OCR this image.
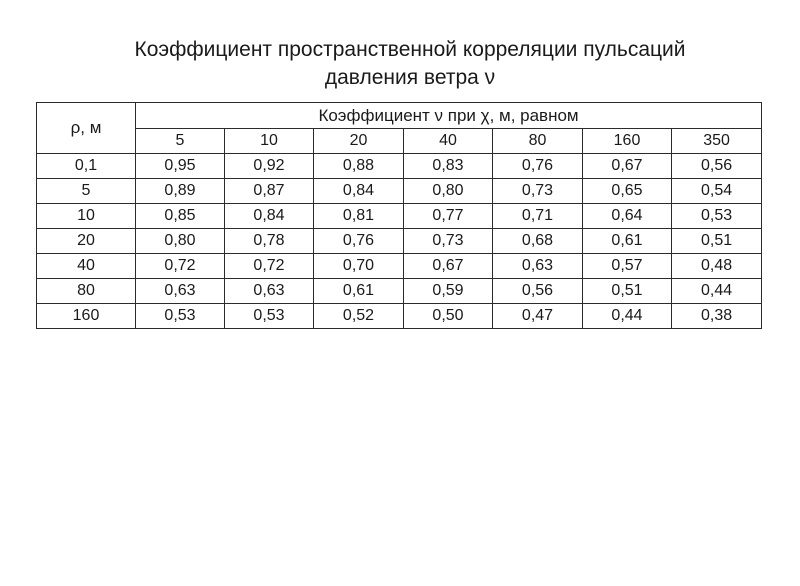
Коэффициент пространственной корреляции пульсаций
давления ветра ν
ρ, м	Коэффициент ν при χ, м, равном						
	5	10	20	40	80	160	350
0,1	0,95	0,92	0,88	0,83	0,76	0,67	0,56
5	0,89	0,87	0,84	0,80	0,73	0,65	0,54
10	0,85	0,84	0,81	0,77	0,71	0,64	0,53
20	0,80	0,78	0,76	0,73	0,68	0,61	0,51
40	0,72	0,72	0,70	0,67	0,63	0,57	0,48
80	0,63	0,63	0,61	0,59	0,56	0,51	0,44
160	0,53	0,53	0,52	0,50	0,47	0,44	0,38
